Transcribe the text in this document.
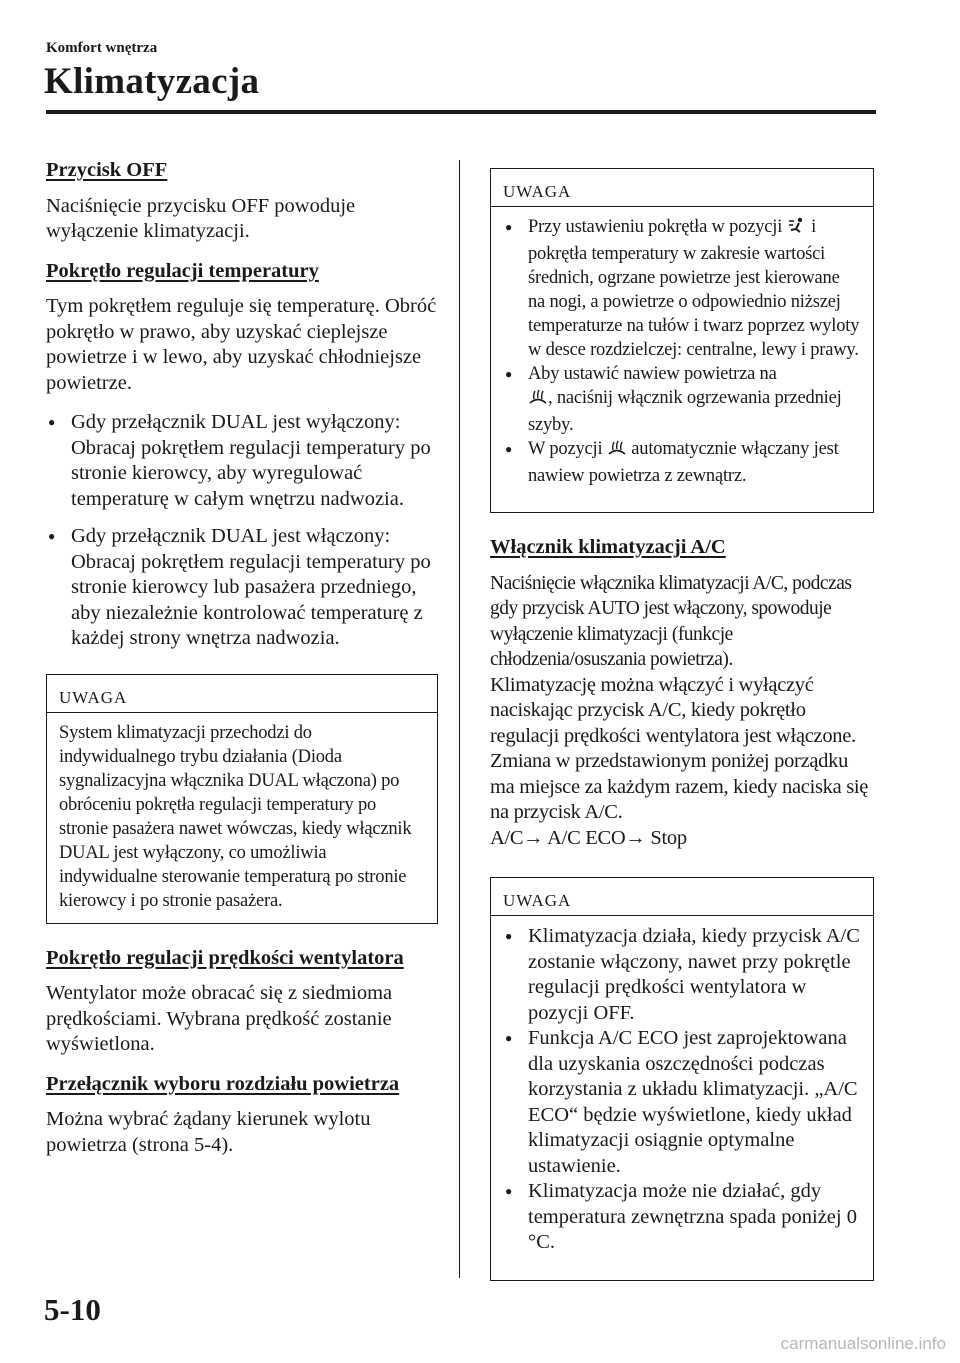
Komfort wnętrza
Klimatyzacja
Przycisk OFF
Naciśnięcie przycisku OFF powoduje wyłączenie klimatyzacji.
Pokrętło regulacji temperatury
Tym pokrętłem reguluje się temperaturę. Obróć pokrętło w prawo, aby uzyskać cieplejsze powietrze i w lewo, aby uzyskać chłodniejsze powietrze.
● Gdy przełącznik DUAL jest wyłączony: Obracaj pokrętłem regulacji temperatury po stronie kierowcy, aby wyregulować temperaturę w całym wnętrzu nadwozia.
● Gdy przełącznik DUAL jest włączony: Obracaj pokrętłem regulacji temperatury po stronie kierowcy lub pasażera przedniego, aby niezależnie kontrolować temperaturę z każdej strony wnętrza nadwozia.
UWAGA
System klimatyzacji przechodzi do indywidualnego trybu działania (Dioda sygnalizacyjna włącznika DUAL włączona) po obróceniu pokrętła regulacji temperatury po stronie pasażera nawet wówczas, kiedy włącznik DUAL jest wyłączony, co umożliwia indywidualne sterowanie temperaturą po stronie kierowcy i po stronie pasażera.
Pokrętło regulacji prędkości wentylatora
Wentylator może obracać się z siedmioma prędkościami. Wybrana prędkość zostanie wyświetlona.
Przełącznik wyboru rozdziału powietrza
Można wybrać żądany kierunek wylotu powietrza (strona 5-4).
UWAGA
● Przy ustawieniu pokrętła w pozycji i pokrętła temperatury w zakresie wartości średnich, ogrzane powietrze jest kierowane na nogi, a powietrze o odpowiednio niższej temperaturze na tułów i twarz poprzez wyloty w desce rozdzielczej: centralne, lewy i prawy.
● Aby ustawić nawiew powietrza na
, naciśnij włącznik ogrzewania przedniej szyby.
● W pozycji automatycznie włączany jest nawiew powietrza z zewnątrz.
Włącznik klimatyzacji A/C
Naciśnięcie włącznika klimatyzacji A/C, podczas gdy przycisk AUTO jest włączony, spowoduje wyłączenie klimatyzacji (funkcje chłodzenia/osuszania powietrza).
Klimatyzację można włączyć i wyłączyć naciskając przycisk A/C, kiedy pokrętło regulacji prędkości wentylatora jest włączone.
Zmiana w przedstawionym poniżej porządku ma miejsce za każdym razem, kiedy naciska się na przycisk A/C.
A/C→ A/C ECO→ Stop
UWAGA
● Klimatyzacja działa, kiedy przycisk A/C zostanie włączony, nawet przy pokrętle regulacji prędkości wentylatora w pozycji OFF.
● Funkcja A/C ECO jest zaprojektowana dla uzyskania oszczędności podczas korzystania z układu klimatyzacji. „A/C ECO“ będzie wyświetlone, kiedy układ klimatyzacji osiągnie optymalne ustawienie.
● Klimatyzacja może nie działać, gdy temperatura zewnętrzna spada poniżej 0 °C.
5-10
carmanualsonline.info
